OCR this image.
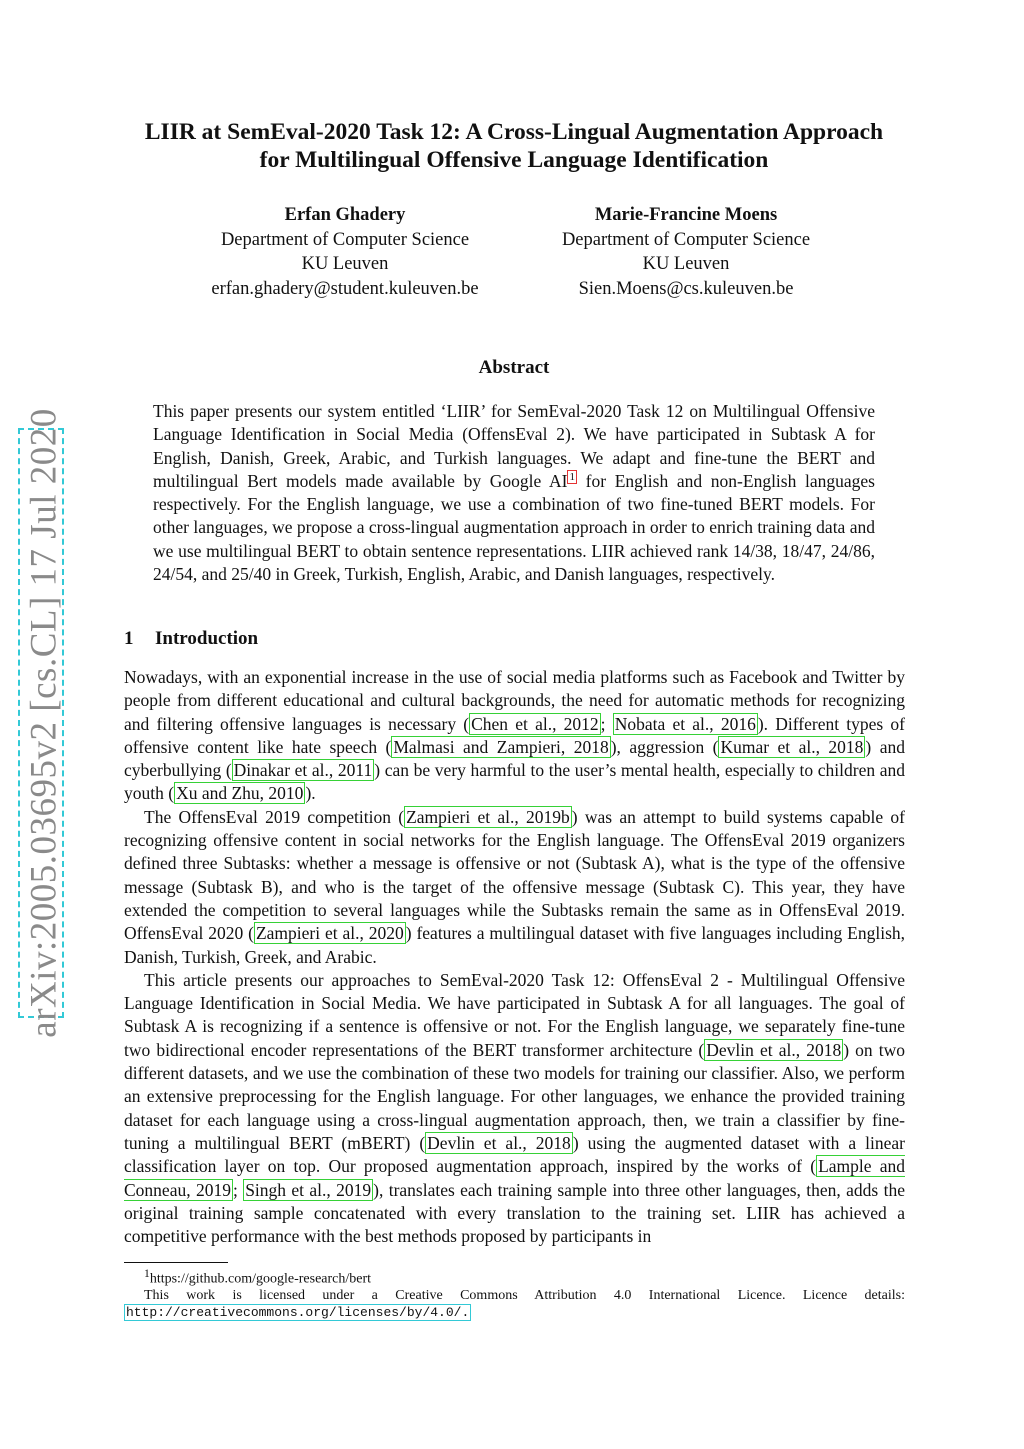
arXiv:2005.03695v2 [cs.CL] 17 Jul 2020
LIIR at SemEval-2020 Task 12: A Cross-Lingual Augmentation Approach
for Multilingual Offensive Language Identification
Erfan Ghadery
Department of Computer Science
KU Leuven
erfan.ghadery@student.kuleuven.be
Marie-Francine Moens
Department of Computer Science
KU Leuven
Sien.Moens@cs.kuleuven.be
Abstract
This paper presents our system entitled ‘LIIR’ for SemEval-2020 Task 12 on Multilingual Offensive Language Identification in Social Media (OffensEval 2). We have participated in Subtask A for English, Danish, Greek, Arabic, and Turkish languages. We adapt and fine-tune the BERT and multilingual Bert models made available by Google AI $^1$ for English and non-English languages respectively. For the English language, we use a combination of two fine-tuned BERT models. For other languages, we propose a cross-lingual augmentation approach in order to enrich training data and we use multilingual BERT to obtain sentence representations. LIIR achieved rank 14/38, 18/47, 24/86, 24/54, and 25/40 in Greek, Turkish, English, Arabic, and Danish languages, respectively.
1 Introduction

Nowadays, with an exponential increase in the use of social media platforms such as Facebook and Twitter by people from different educational and cultural backgrounds, the need for automatic methods for recognizing and filtering offensive languages is necessary ( Chen et al., 2012 ; Nobata et al., 2016 ). Different types of offensive content like hate speech ( Malmasi and Zampieri, 2018 ), aggression ( Kumar et al., 2018 ) and cyberbullying ( Dinakar et al., 2011 ) can be very harmful to the user’s mental health, especially to children and youth ( Xu and Zhu, 2010 ).

The OffensEval 2019 competition ( Zampieri et al., 2019b ) was an attempt to build systems capable of recognizing offensive content in social networks for the English language. The OffensEval 2019 organizers defined three Subtasks: whether a message is offensive or not (Subtask A), what is the type of the offensive message (Subtask B), and who is the target of the offensive message (Subtask C). This year, they have extended the competition to several languages while the Subtasks remain the same as in OffensEval 2019. OffensEval 2020 ( Zampieri et al., 2020 ) features a multilingual dataset with five languages including English, Danish, Turkish, Greek, and Arabic.

This article presents our approaches to SemEval-2020 Task 12: OffensEval 2 - Multilingual Offensive Language Identification in Social Media. We have participated in Subtask A for all languages. The goal of Subtask A is recognizing if a sentence is offensive or not. For the English language, we separately fine-tune two bidirectional encoder representations of the BERT transformer architecture ( Devlin et al., 2018 ) on two different datasets, and we use the combination of these two models for training our classifier. Also, we perform an extensive preprocessing for the English language. For other languages, we enhance the provided training dataset for each language using a cross-lingual augmentation approach, then, we train a classifier by fine-tuning a multilingual BERT (mBERT) ( Devlin et al., 2018 ) using the augmented dataset with a linear classification layer on top. Our proposed augmentation approach, inspired by the works of ( Lample and Conneau, 2019 ; Singh et al., 2019 ), translates each training sample into three other languages, then, adds the original training sample concatenated with every translation to the training set. LIIR has achieved a competitive performance with the best methods proposed by participants in

$^1$https://github.com/google-research/bert
This work is licensed under a Creative Commons Attribution 4.0 International Licence. Licence details:
http://creativecommons.org/licenses/by/4.0/.
